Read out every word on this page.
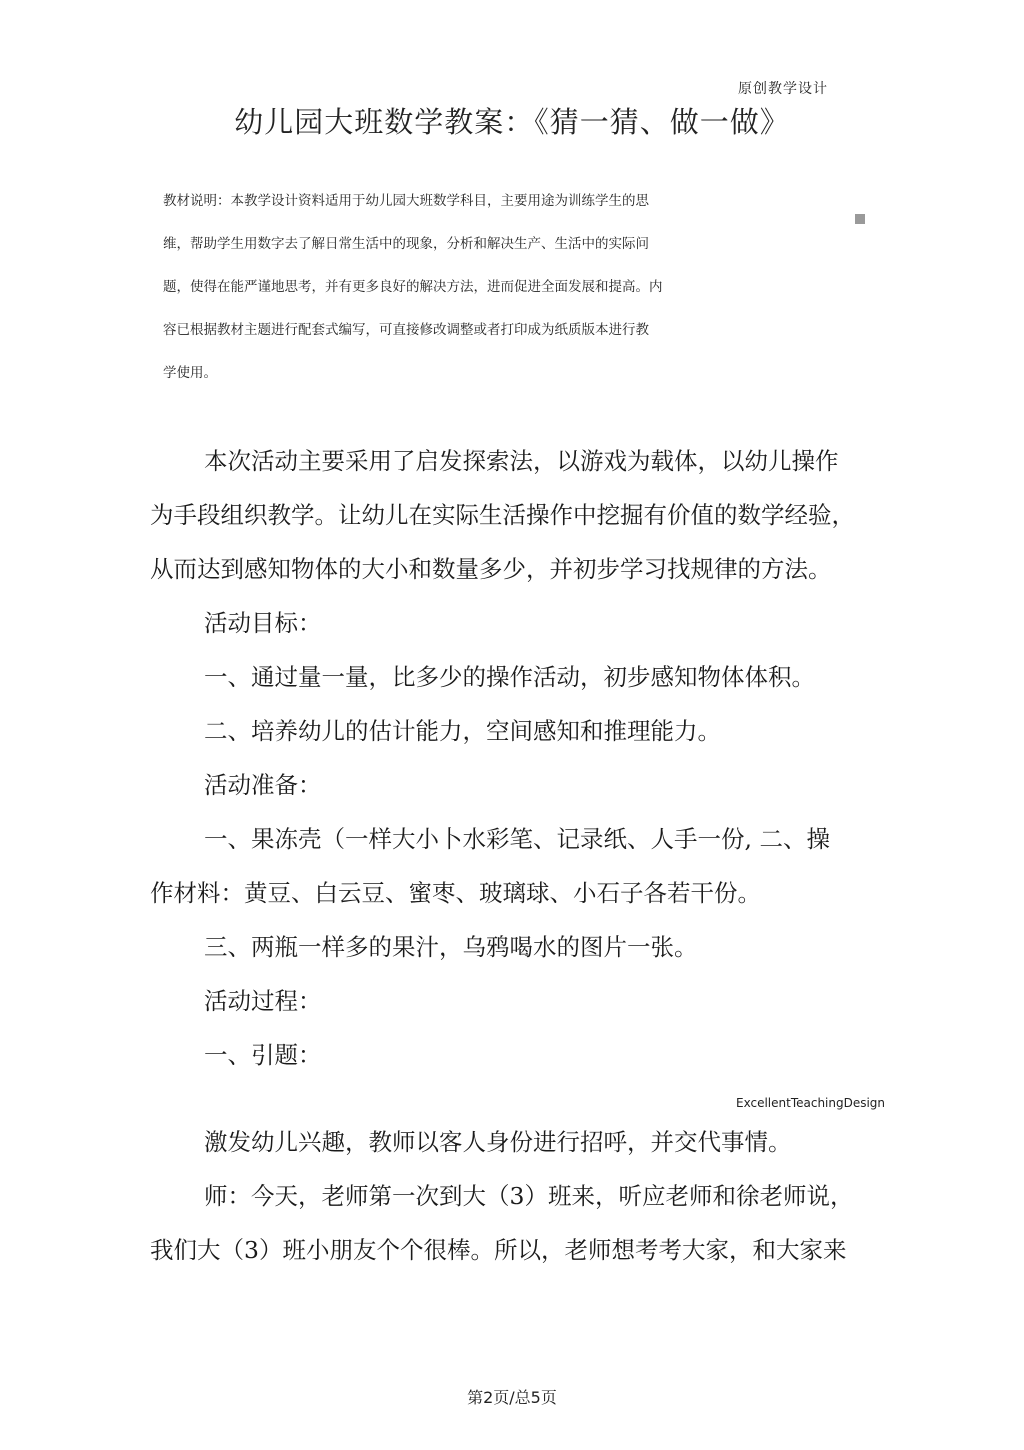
原创教学设计
幼儿园大班数学教案：《猜一猜、做一做》

教材说明：本教学设计资料适用于幼儿园大班数学科目，主要用途为训练学生的思

维，帮助学生用数字去了解日常生活中的现象，分析和解决生产、生活中的实际问

题，使得在能严谨地思考，并有更多良好的解决方法，进而促进全面发展和提高。内

容已根据教材主题进行配套式编写，可直接修改调整或者打印成为纸质版本进行教

学使用。

本次活动主要采用了启发探索法，以游戏为载体，以幼儿操作

为手段组织教学。让幼儿在实际生活操作中挖掘有价值的数学经验，

从而达到感知物体的大小和数量多少，并初步学习找规律的方法。

活动目标：

一、通过量一量，比多少的操作活动，初步感知物体体积。

二、培养幼儿的估计能力，空间感知和推理能力。

活动准备：

一、果冻壳（一样大小卜水彩笔、记录纸、人手一份, 二、操

作材料：黄豆、白云豆、蜜枣、玻璃球、小石子各若干份。

三、两瓶一样多的果汁，乌鸦喝水的图片一张。

活动过程：

一、引题：

ExcellentTeachingDesign

激发幼儿兴趣，教师以客人身份进行招呼，并交代事情。

师：今天，老师第一次到大（3）班来，听应老师和徐老师说，

我们大（3）班小朋友个个很棒。所以，老师想考考大家，和大家来

第2页/总5页
